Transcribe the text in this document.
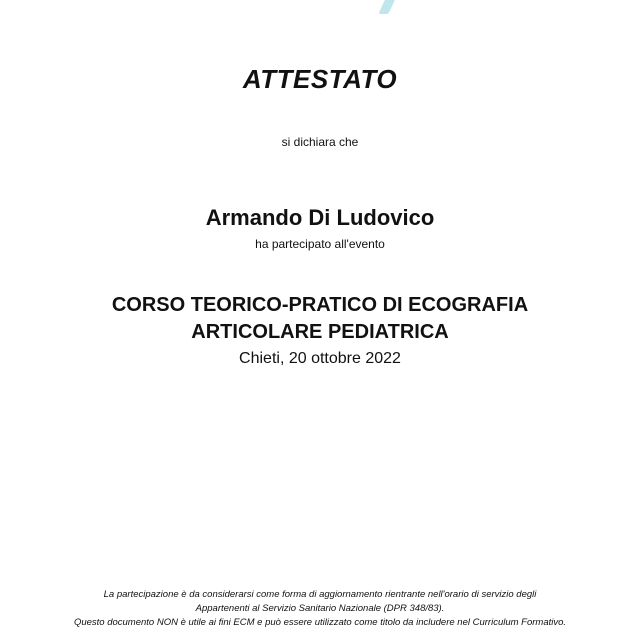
ATTESTATO
si dichiara che
Armando Di Ludovico
ha partecipato all'evento
CORSO TEORICO-PRATICO DI ECOGRAFIA
ARTICOLARE PEDIATRICA
Chieti, 20 ottobre 2022
La partecipazione è da considerarsi come forma di aggiornamento rientrante nell'orario di servizio degli
Appartenenti al Servizio Sanitario Nazionale (DPR 348/83).
Questo documento NON è utile ai fini ECM e può essere utilizzato come titolo da includere nel Curriculum Formativo.
